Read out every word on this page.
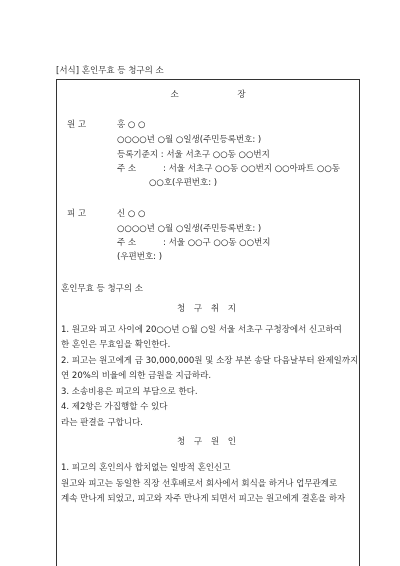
[서식] 혼인무효 등 청구의 소
소 장
원 고	홍 ○ ○
○○○○년 ○월 ○일생(주민등록번호: )
등록기준지 : 서울 서초구 ○○동 ○○번지
주 소	: 서울 서초구 ○○동 ○○번지 ○○아파트 ○○동
○○호(우편번호: )
피 고	신 ○ ○
○○○○년 ○월 ○일생(주민등록번호: )
주 소	: 서울 ○○구 ○○동 ○○번지
(우편번호: )
혼인무효 등 청구의 소
청 구 취 지
1. 원고와 피고 사이에 20○○년 ○월 ○일 서울 서초구 구청장에서 신고하여
한 혼인은 무효임을 확인한다.
2. 피고는 원고에게 금 30,000,000원 및 소장 부본 송달 다음날부터 완제일까지
연 20%의 비율에 의한 금원을 지급하라.
3. 소송비용은 피고의 부담으로 한다.
4. 제2항은 가집행할 수 있다
라는 판결을 구합니다.
청 구 원 인
1. 피고의 혼인의사 합치없는 일방적 혼인신고
원고와 피고는 동일한 직장 선후배로서 회사에서 회식을 하거나 업무관계로
계속 만나게 되었고, 피고와 자주 만나게 되면서 피고는 원고에게 결혼을 하자
